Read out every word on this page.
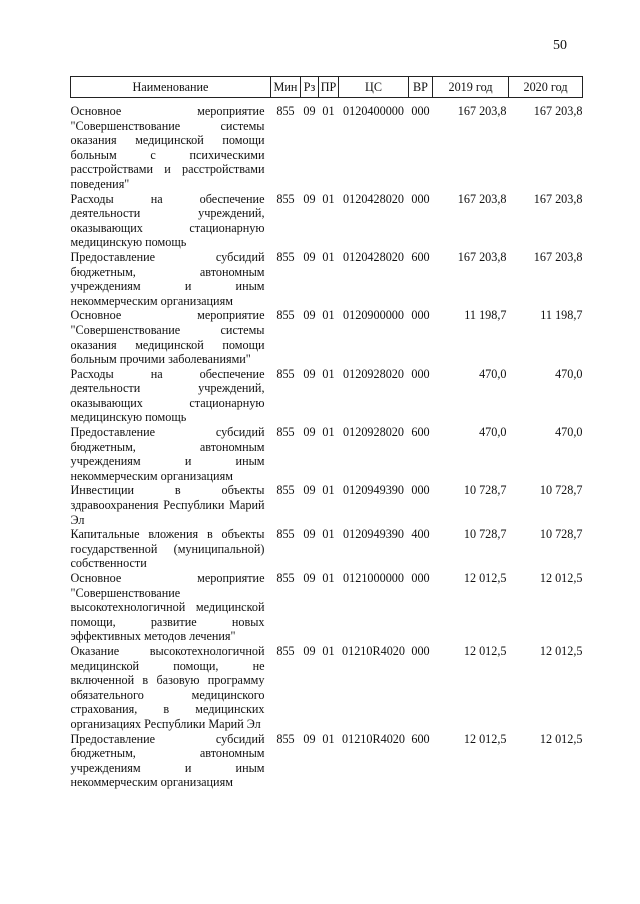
50
Наименование	Мин	Рз	ПР	ЦС	ВР	2019 год	2020 год
Основное мероприятие "Совершенствование системы оказания медицинской помощи больным с психическими расстройствами и расстройствами поведения"	855	09	01	0120400000	000	167 203,8	167 203,8
Расходы на обеспечение деятельности учреждений, оказывающих стационарную медицинскую помощь	855	09	01	0120428020	000	167 203,8	167 203,8
Предоставление субсидий бюджетным, автономным учреждениям и иным некоммерческим организациям	855	09	01	0120428020	600	167 203,8	167 203,8
Основное мероприятие "Совершенствование системы оказания медицинской помощи больным прочими заболеваниями"	855	09	01	0120900000	000	11 198,7	11 198,7
Расходы на обеспечение деятельности учреждений, оказывающих стационарную медицинскую помощь	855	09	01	0120928020	000	470,0	470,0
Предоставление субсидий бюджетным, автономным учреждениям и иным некоммерческим организациям	855	09	01	0120928020	600	470,0	470,0
Инвестиции в объекты здравоохранения Республики Марий Эл	855	09	01	0120949390	000	10 728,7	10 728,7
Капитальные вложения в объекты государственной (муниципальной) собственности	855	09	01	0120949390	400	10 728,7	10 728,7
Основное мероприятие "Совершенствование высокотехнологичной медицинской помощи, развитие новых эффективных методов лечения"	855	09	01	0121000000	000	12 012,5	12 012,5
Оказание высокотехнологичной медицинской помощи, не включенной в базовую программу обязательного медицинского страхования, в медицинских организациях Республики Марий Эл	855	09	01	01210R4020	000	12 012,5	12 012,5
Предоставление субсидий бюджетным, автономным учреждениям и иным некоммерческим организациям	855	09	01	01210R4020	600	12 012,5	12 012,5
